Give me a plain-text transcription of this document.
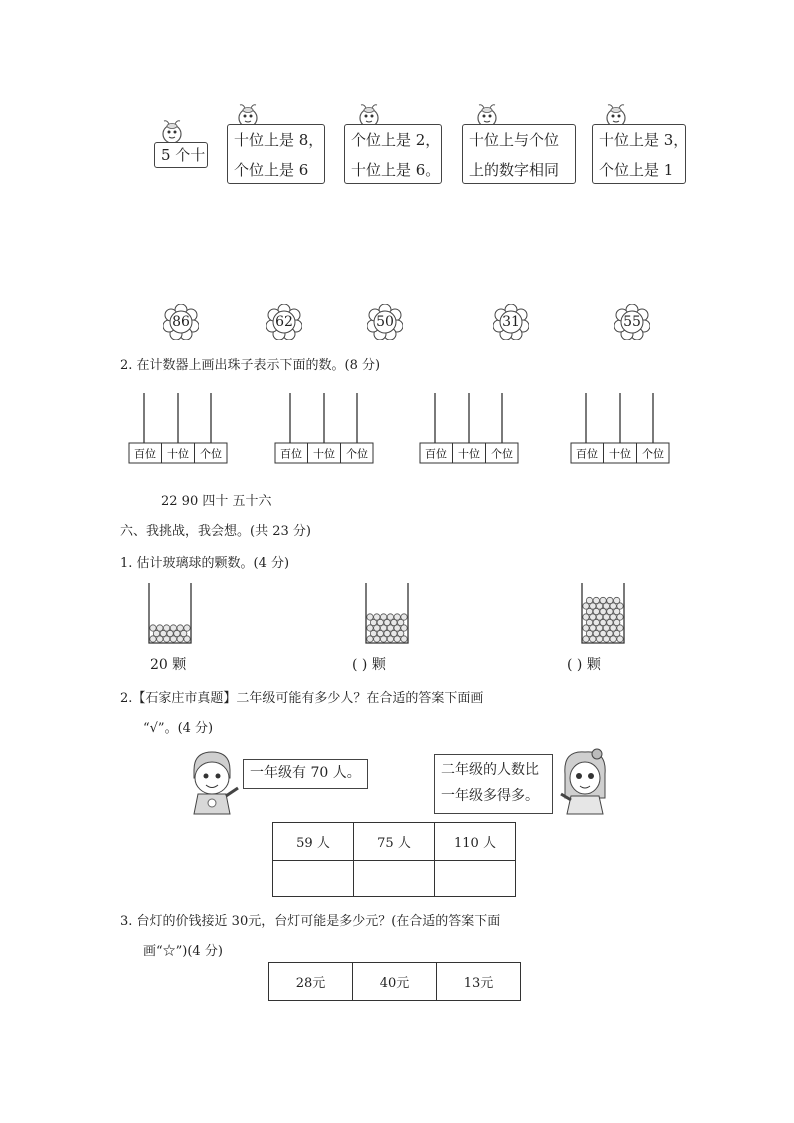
5 个十
十位上是 8，
个位上是 6
个位上是 2，
十位上是 6。
十位上与个位
上的数字相同
十位上是 3，
个位上是 1
86	62	50	31	55
2. 在计数器上画出珠子表示下面的数。(8 分)
百位 十位 个位	百位 十位 个位	百位 十位 个位	百位 十位 个位
22 90 四十 五十六
六、我挑战，我会想。(共 23 分)
1. 估计玻璃球的颗数。(4 分)
20 颗	( ) 颗	( ) 颗
2.【石家庄市真题】二年级可能有多少人？在合适的答案下面画
“√”。(4 分)
一年级有 70 人。	二年级的人数比
一年级多得多。
59 人	75 人	110 人

3. 台灯的价钱接近 30元，台灯可能是多少元？(在合适的答案下面
画“☆”)(4 分)
28元	40元	13元
